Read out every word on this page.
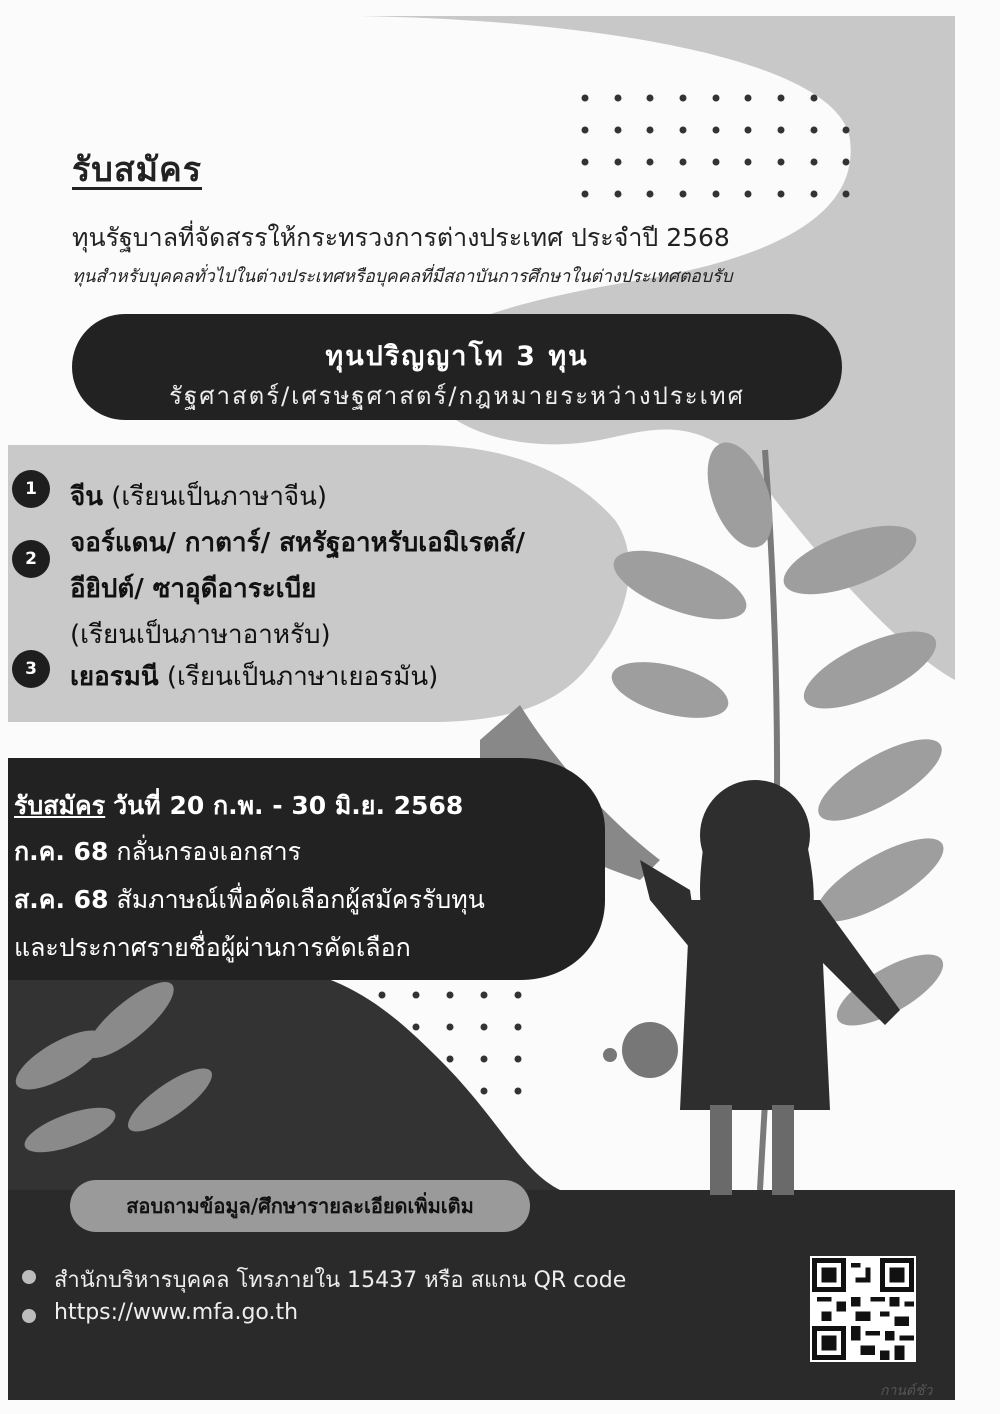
รับสมัคร
ทุนรัฐบาลที่จัดสรรให้กระทรวงการต่างประเทศ ประจำปี 2568
ทุนสำหรับบุคคลทั่วไปในต่างประเทศหรือบุคคลที่มีสถาบันการศึกษาในต่างประเทศตอบรับ
ทุนปริญญาโท 3 ทุน
รัฐศาสตร์/เศรษฐศาสตร์/กฎหมายระหว่างประเทศ
1	จีน (เรียนเป็นภาษาจีน)
2
จอร์แดน/ กาตาร์/ สหรัฐอาหรับเอมิเรตส์/
อียิปต์/ ซาอุดีอาระเบีย
(เรียนเป็นภาษาอาหรับ)
3	เยอรมนี (เรียนเป็นภาษาเยอรมัน)
รับสมัคร วันที่ 20 ก.พ. - 30 มิ.ย. 2568
ก.ค. 68 กลั่นกรองเอกสาร
ส.ค. 68 สัมภาษณ์เพื่อคัดเลือกผู้สมัครรับทุน
และประกาศรายชื่อผู้ผ่านการคัดเลือก
สอบถามข้อมูล/ศึกษารายละเอียดเพิ่มเติม
สำนักบริหารบุคคล โทรภายใน 15437 หรือ สแกน QR code
https://www.mfa.go.th
กานต์ชัว
